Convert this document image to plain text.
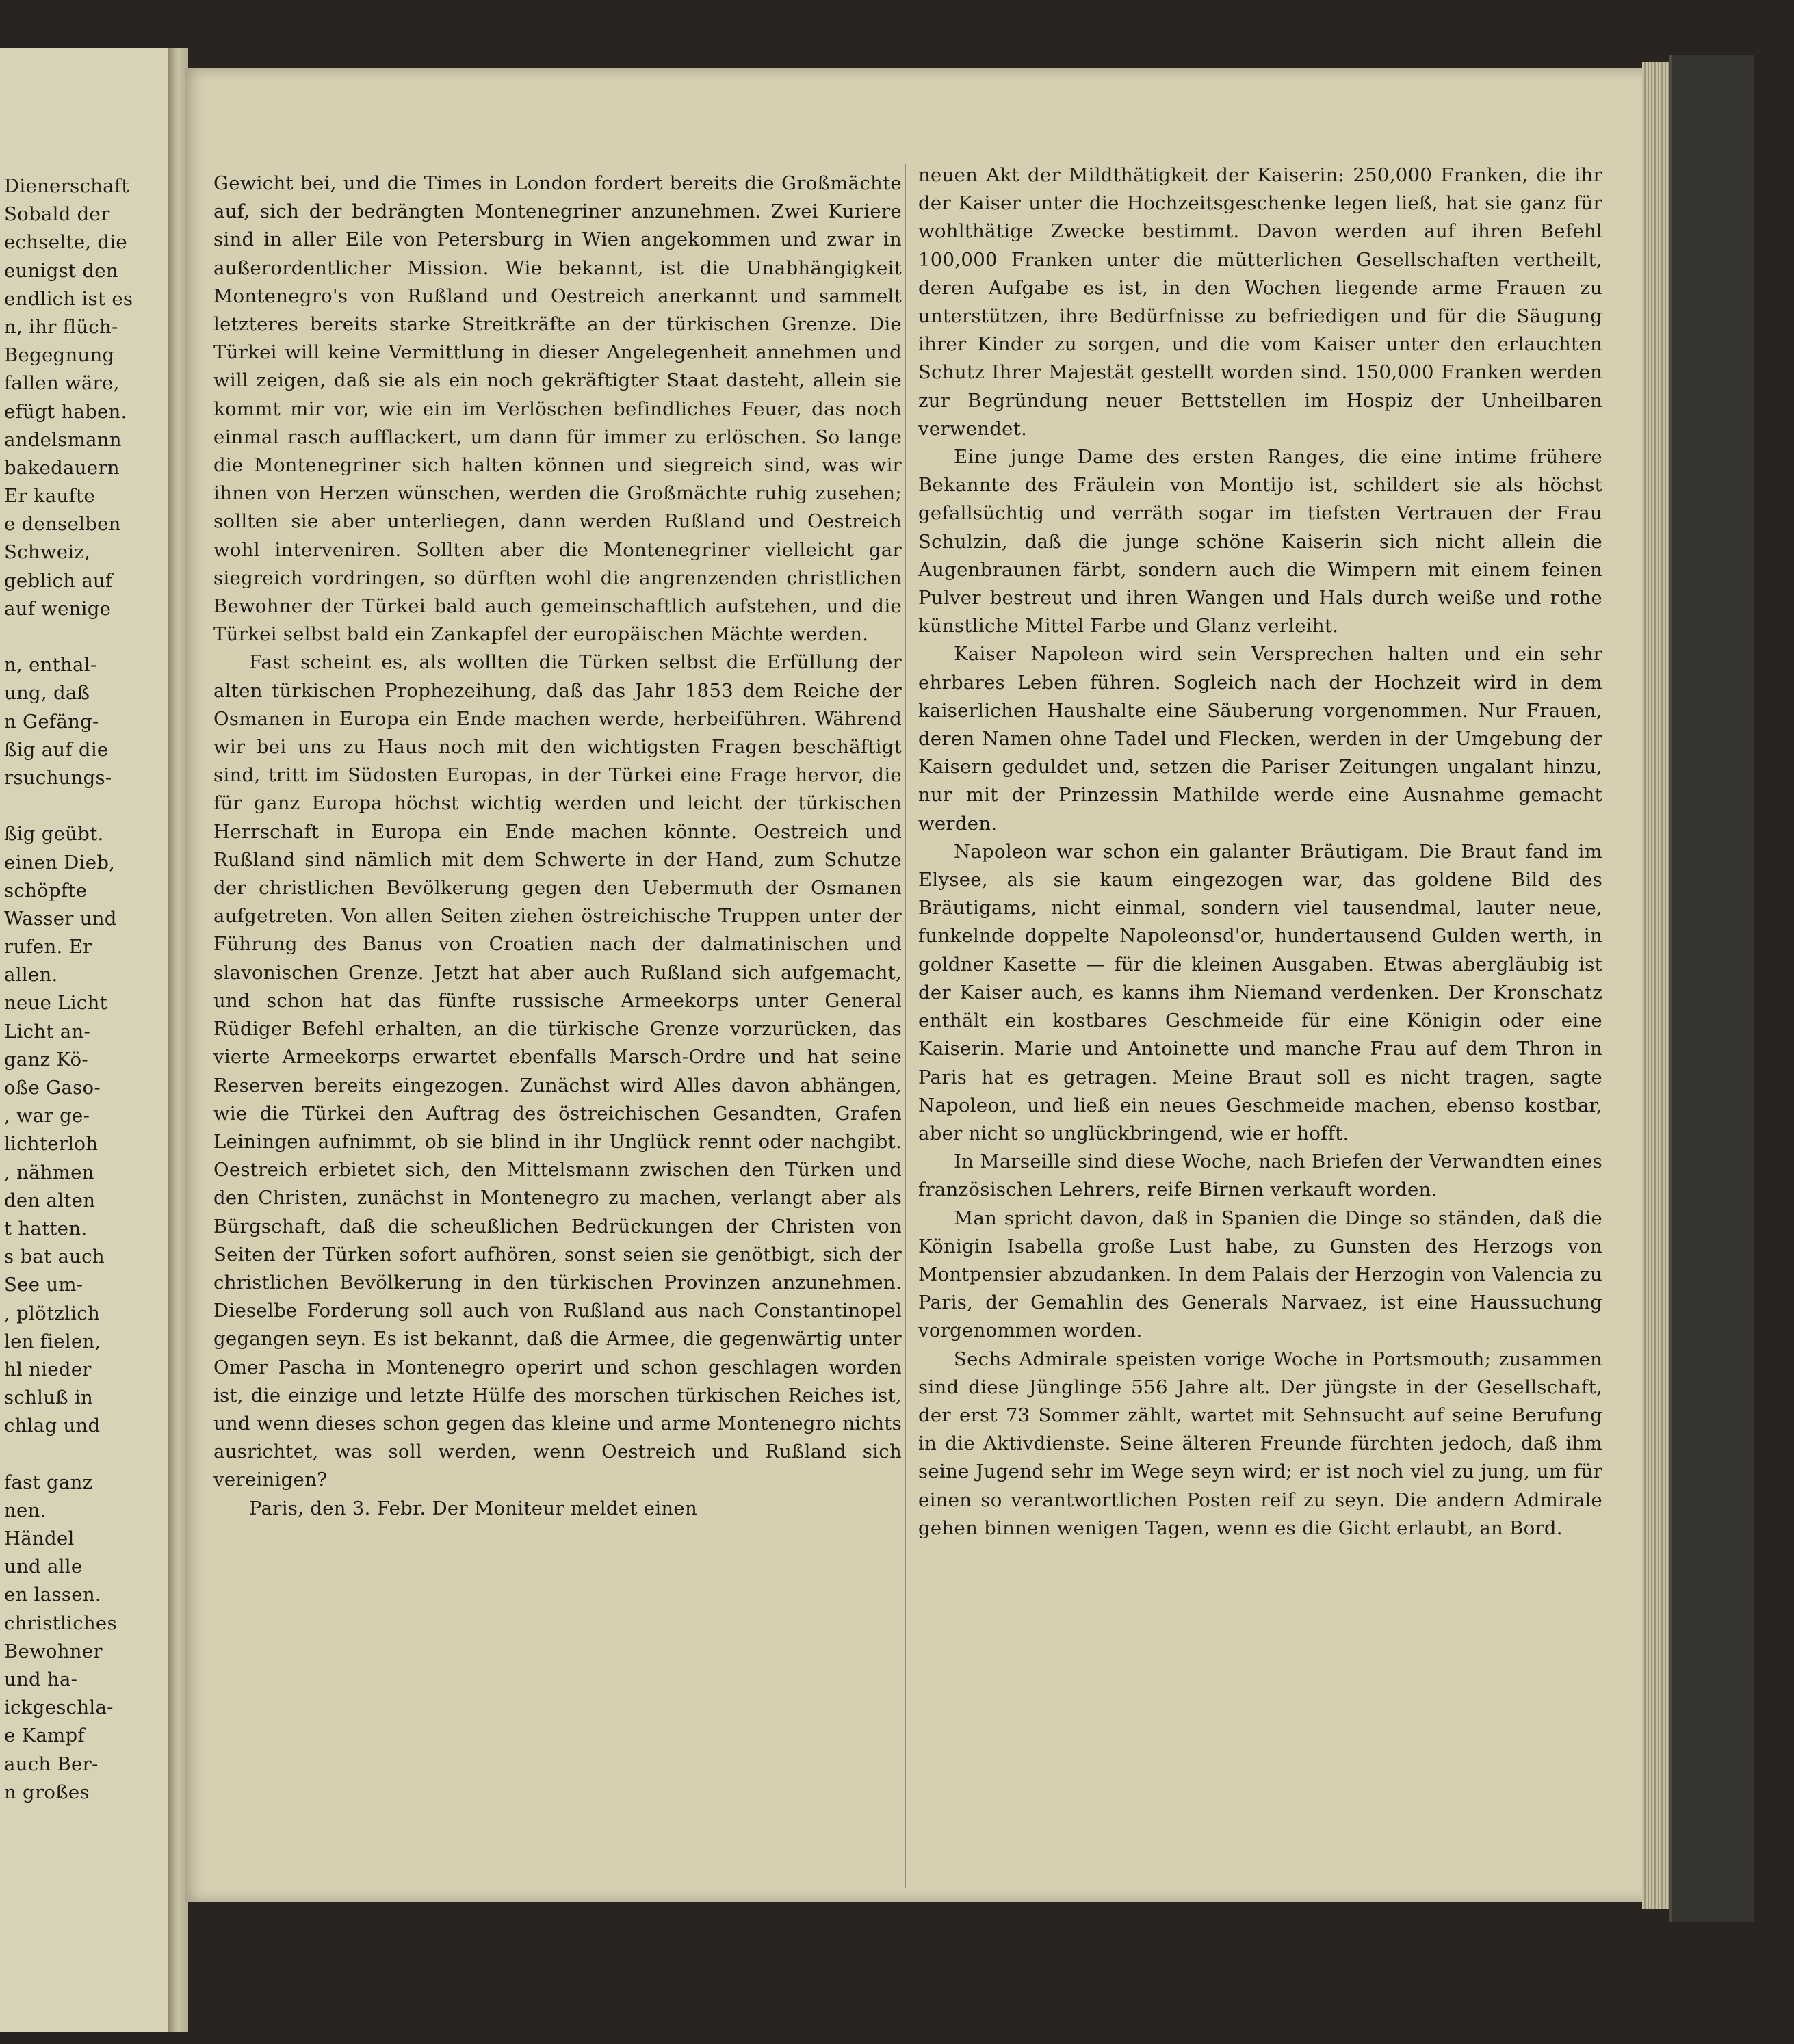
Dienerschaft
Sobald der
echselte, die
eunigst den
endlich ist es
n, ihr flüch-
Begegnung
fallen wäre,
efügt haben.
andelsmann
bakedauern
Er kaufte
e denselben
Schweiz,
geblich auf
auf wenige
n, enthal-
ung, daß
n Gefäng-
ßig auf die
rsuchungs-
ßig geübt.
einen Dieb,
schöpfte
Wasser und
rufen. Er
allen.
neue Licht
Licht an-
ganz Kö-
oße Gaso-
, war ge-
lichterloh
, nähmen
den alten
t hatten.
s bat auch
See um-
, plötzlich
len fielen,
hl nieder
schluß in
chlag und
fast ganz
nen.
Händel
und alle
en lassen.
christliches
Bewohner
und ha-
ickgeschla-
e Kampf
auch Ber-
n großes

Gewicht bei, und die Times in London fordert bereits die Großmächte auf, sich der bedrängten Montenegriner anzunehmen. Zwei Kuriere sind in aller Eile von Petersburg in Wien angekommen und zwar in außerordentlicher Mission. Wie bekannt, ist die Unabhängigkeit Montenegro's von Rußland und Oestreich anerkannt und sammelt letzteres bereits starke Streitkräfte an der türkischen Grenze. Die Türkei will keine Vermittlung in dieser Angelegenheit annehmen und will zeigen, daß sie als ein noch gekräftigter Staat dasteht, allein sie kommt mir vor, wie ein im Verlöschen befindliches Feuer, das noch einmal rasch aufflackert, um dann für immer zu erlöschen. So lange die Montenegriner sich halten können und siegreich sind, was wir ihnen von Herzen wünschen, werden die Großmächte ruhig zusehen; sollten sie aber unterliegen, dann werden Rußland und Oestreich wohl interveniren. Sollten aber die Montenegriner vielleicht gar siegreich vordringen, so dürften wohl die angrenzenden christlichen Bewohner der Türkei bald auch gemeinschaftlich aufstehen, und die Türkei selbst bald ein Zankapfel der europäischen Mächte werden.

Fast scheint es, als wollten die Türken selbst die Erfüllung der alten türkischen Prophezeihung, daß das Jahr 1853 dem Reiche der Osmanen in Europa ein Ende machen werde, herbeiführen. Während wir bei uns zu Haus noch mit den wichtigsten Fragen beschäftigt sind, tritt im Südosten Europas, in der Türkei eine Frage hervor, die für ganz Europa höchst wichtig werden und leicht der türkischen Herrschaft in Europa ein Ende machen könnte. Oestreich und Rußland sind nämlich mit dem Schwerte in der Hand, zum Schutze der christlichen Bevölkerung gegen den Uebermuth der Osmanen aufgetreten. Von allen Seiten ziehen östreichische Truppen unter der Führung des Banus von Croatien nach der dalmatinischen und slavonischen Grenze. Jetzt hat aber auch Rußland sich aufgemacht, und schon hat das fünfte russische Armeekorps unter General Rüdiger Befehl erhalten, an die türkische Grenze vorzurücken, das vierte Armeekorps erwartet ebenfalls Marsch-Ordre und hat seine Reserven bereits eingezogen. Zunächst wird Alles davon abhängen, wie die Türkei den Auftrag des östreichischen Gesandten, Grafen Leiningen aufnimmt, ob sie blind in ihr Unglück rennt oder nachgibt. Oestreich erbietet sich, den Mittelsmann zwischen den Türken und den Christen, zunächst in Montenegro zu machen, verlangt aber als Bürgschaft, daß die scheußlichen Bedrückungen der Christen von Seiten der Türken sofort aufhören, sonst seien sie genötbigt, sich der christlichen Bevölkerung in den türkischen Provinzen anzunehmen. Dieselbe Forderung soll auch von Rußland aus nach Constantinopel gegangen seyn. Es ist bekannt, daß die Armee, die gegenwärtig unter Omer Pascha in Montenegro operirt und schon geschlagen worden ist, die einzige und letzte Hülfe des morschen türkischen Reiches ist, und wenn dieses schon gegen das kleine und arme Montenegro nichts ausrichtet, was soll werden, wenn Oestreich und Rußland sich vereinigen?

Paris, den 3. Febr. Der Moniteur meldet einen

neuen Akt der Mildthätigkeit der Kaiserin: 250,000 Franken, die ihr der Kaiser unter die Hochzeitsgeschenke legen ließ, hat sie ganz für wohlthätige Zwecke bestimmt. Davon werden auf ihren Befehl 100,000 Franken unter die mütterlichen Gesellschaften vertheilt, deren Aufgabe es ist, in den Wochen liegende arme Frauen zu unterstützen, ihre Bedürfnisse zu befriedigen und für die Säugung ihrer Kinder zu sorgen, und die vom Kaiser unter den erlauchten Schutz Ihrer Majestät gestellt worden sind. 150,000 Franken werden zur Begründung neuer Bettstellen im Hospiz der Unheilbaren verwendet.

Eine junge Dame des ersten Ranges, die eine intime frühere Bekannte des Fräulein von Montijo ist, schildert sie als höchst gefallsüchtig und verräth sogar im tiefsten Vertrauen der Frau Schulzin, daß die junge schöne Kaiserin sich nicht allein die Augenbraunen färbt, sondern auch die Wimpern mit einem feinen Pulver bestreut und ihren Wangen und Hals durch weiße und rothe künstliche Mittel Farbe und Glanz verleiht.

Kaiser Napoleon wird sein Versprechen halten und ein sehr ehrbares Leben führen. Sogleich nach der Hochzeit wird in dem kaiserlichen Haushalte eine Säuberung vorgenommen. Nur Frauen, deren Namen ohne Tadel und Flecken, werden in der Umgebung der Kaisern geduldet und, setzen die Pariser Zeitungen ungalant hinzu, nur mit der Prinzessin Mathilde werde eine Ausnahme gemacht werden.

Napoleon war schon ein galanter Bräutigam. Die Braut fand im Elysee, als sie kaum eingezogen war, das goldene Bild des Bräutigams, nicht einmal, sondern viel tausendmal, lauter neue, funkelnde doppelte Napoleonsd'or, hundertausend Gulden werth, in goldner Kasette — für die kleinen Ausgaben. Etwas abergläubig ist der Kaiser auch, es kanns ihm Niemand verdenken. Der Kronschatz enthält ein kostbares Geschmeide für eine Königin oder eine Kaiserin. Marie und Antoinette und manche Frau auf dem Thron in Paris hat es getragen. Meine Braut soll es nicht tragen, sagte Napoleon, und ließ ein neues Geschmeide machen, ebenso kostbar, aber nicht so unglückbringend, wie er hofft.

In Marseille sind diese Woche, nach Briefen der Verwandten eines französischen Lehrers, reife Birnen verkauft worden.

Man spricht davon, daß in Spanien die Dinge so ständen, daß die Königin Isabella große Lust habe, zu Gunsten des Herzogs von Montpensier abzudanken. In dem Palais der Herzogin von Valencia zu Paris, der Gemahlin des Generals Narvaez, ist eine Haussuchung vorgenommen worden.

Sechs Admirale speisten vorige Woche in Portsmouth; zusammen sind diese Jünglinge 556 Jahre alt. Der jüngste in der Gesellschaft, der erst 73 Sommer zählt, wartet mit Sehnsucht auf seine Berufung in die Aktivdienste. Seine älteren Freunde fürchten jedoch, daß ihm seine Jugend sehr im Wege seyn wird; er ist noch viel zu jung, um für einen so verantwortlichen Posten reif zu seyn. Die andern Admirale gehen binnen wenigen Tagen, wenn es die Gicht erlaubt, an Bord.
